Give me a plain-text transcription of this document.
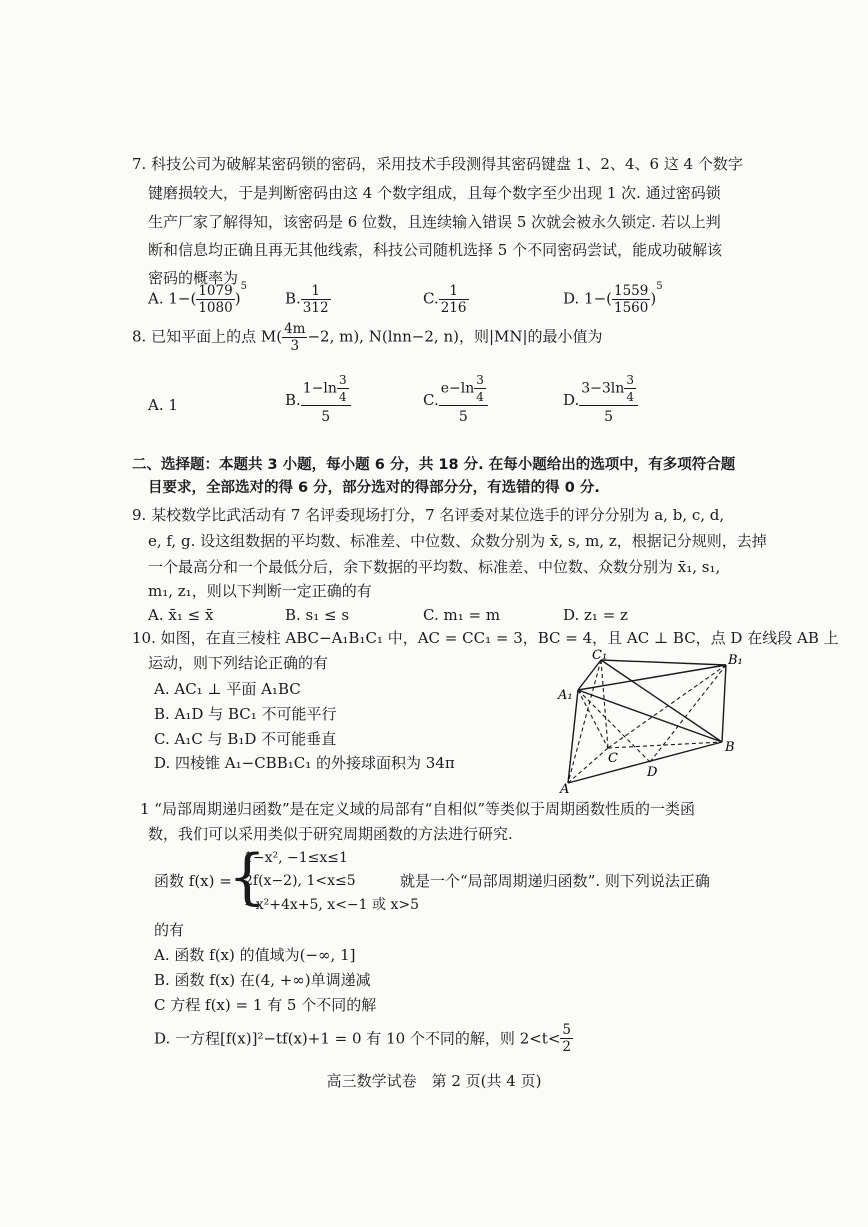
7. 科技公司为破解某密码锁的密码，采用技术手段测得其密码键盘 1、2、4、6 这 4 个数字
键磨损较大，于是判断密码由这 4 个数字组成，且每个数字至少出现 1 次. 通过密码锁
生产厂家了解得知，该密码是 6 位数，且连续输入错误 5 次就会被永久锁定. 若以上判
断和信息均正确且再无其他线索，科技公司随机选择 5 个不同密码尝试，能成功破解该
密码的概率为
A. $1-( \frac{1079}{1080} )^5$
B. $\frac{1}{312}$	C. $\frac{1}{216}$	D. $1-( \frac{1559}{1560} )^5$
8. 已知平面上的点 $M( \frac{4m}{3} -2$, m), N(lnn−2, n)，则|MN|的最小值为
A. 1	B. $\frac{1-\ln \frac{3}{4}}{5}$	C. $\frac{e-\ln \frac{3}{4}}{5}$	D. $\frac{3-3\ln \frac{3}{4}}{5}$
二、选择题：本题共 3 小题，每小题 6 分，共 18 分. 在每小题给出的选项中，有多项符合题
目要求，全部选对的得 6 分，部分选对的得部分分，有选错的得 0 分.
9. 某校数学比武活动有 7 名评委现场打分，7 名评委对某位选手的评分分别为 a, b, c, d,
e, f, g. 设这组数据的平均数、标准差、中位数、众数分别为 x̄, s, m, z，根据记分规则，去掉
一个最高分和一个最低分后，余下数据的平均数、标准差、中位数、众数分别为 x̄₁, s₁,
m₁, z₁，则以下判断一定正确的有
A. x̄₁ ≤ x̄	B. s₁ ≤ s	C. m₁ = m	D. z₁ = z
10. 如图，在直三棱柱 ABC−A₁B₁C₁ 中，AC = CC₁ = 3，BC = 4，且 AC ⊥ BC，点 D 在线段 AB 上
运动，则下列结论正确的有
A. AC₁ ⊥ 平面 A₁BC
B. A₁D 与 BC₁ 不可能平行
C. A₁C 与 B₁D 不可能垂直
D. 四棱锥 A₁−CBB₁C₁ 的外接球面积为 34π
C₁	B₁
A₁
C
B
D
A
1 “局部周期递归函数”是在定义域的局部有“自相似”等类似于周期函数性质的一类函
数，我们可以采用类似于研究周期函数的方法进行研究.
函数 f(x) =
{
1−x², −1≤x≤1
2f(x−2), 1<x≤5
−x²+4x+5, x<−1 或 x>5
就是一个“局部周期递归函数”. 则下列说法正确
的有
A. 函数 f(x) 的值域为(−∞, 1]
B. 函数 f(x) 在(4, +∞)单调递减
C 方程 f(x) = 1 有 5 个不同的解
D. 一方程[f(x)]²−tf(x)+1 = 0 有 10 个不同的解，则 $2<t< \frac{5}{2}$
高三数学试卷　第 2 页(共 4 页)
